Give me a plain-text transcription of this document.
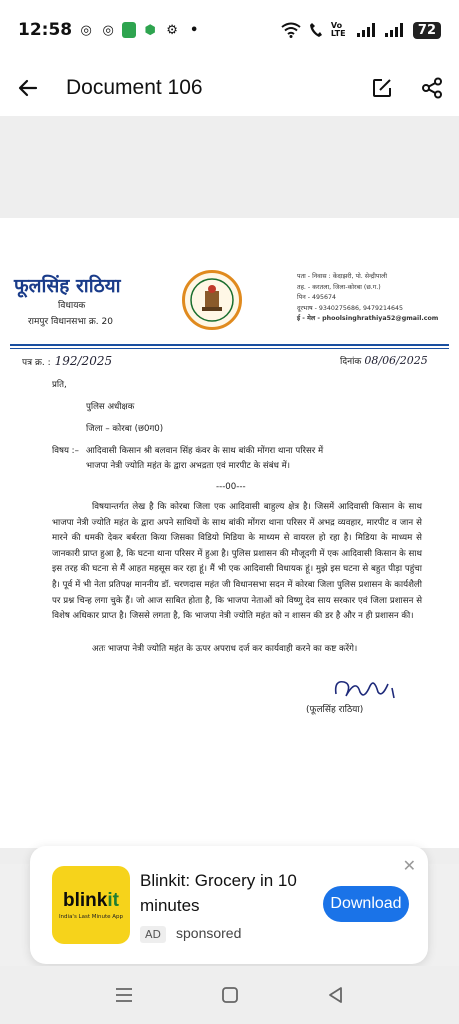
12:58 ◎ ◎ ⬢ ⚙ •	Vo LTE	72
Document 106
फूलसिंह राठिया
विधायक
रामपुर विधानसभा क्र. 20
पता - निवास : केंदाझरी, पो. सेन्द्रीपाली
तह. - करतला, जिला-कोरबा (छ.ग.)
पिन - 495674
दूरभाष - 9340275686, 9479214645
ई - मेल - phoolsinghrathiya52@gmail.com
पत्र क्र. : 192/2025	दिनांक 08/06/2025
प्रति,
पुलिस अधीक्षक
जिला – कोरबा (छ0ग0)
विषय :– आदिवासी किसान श्री बलवान सिंह कंवर के साथ बांकी मोंगरा थाना परिसर में
भाजपा नेत्री ज्योति महंत के द्वारा अभद्रता एवं मारपीट के संबंध में।
---00---
विषयान्तर्गत लेख है कि कोरबा जिला एक आदिवासी बाहुल्य क्षेत्र है। जिसमें आदिवासी किसान के साथ भाजपा नेत्री ज्योति महंत के द्वारा अपने साथियों के साथ बांकी मोंगरा थाना परिसर में अभद्र व्यवहार, मारपीट व जान से मारने की धमकी देकर बर्बरता किया जिसका विडियो मिडिया के माध्यम से वायरल हो रहा है। मिडिया के माध्यम से जानकारी प्राप्त हुआ है, कि घटना थाना परिसर में हुआ है। पुलिस प्रशासन की मौजूदगी में एक आदिवासी किसान के साथ इस तरह की घटना से मैं आहत महसूस कर रहा हूं। मैं भी एक आदिवासी विधायक हूं। मुझे इस घटना से बहुत पीड़ा पहुंचा है। पूर्व में भी नेता प्रतिपक्ष माननीय डॉ. चरणदास महंत जी विधानसभा सदन में कोरबा जिला पुलिस प्रशासन के कार्यशैली पर प्रश्न चिन्ह लगा चुके हैं। जो आज साबित होता है, कि भाजपा नेताओं को विष्णु देव साय सरकार एवं जिला प्रशासन से विशेष अधिकार प्राप्त है। जिससे लगता है, कि भाजपा नेत्री ज्योति महंत को न शासन की डर है और न ही प्रशासन की।
अतः भाजपा नेत्री ज्योति महंत के ऊपर अपराध दर्ज कर कार्यवाही करने का कष्ट करेंगे।
(फूलसिंह राठिया)
blinkit
India's Last Minute App
Blinkit: Grocery in 10 minutes
AD	sponsored
Download
✕
